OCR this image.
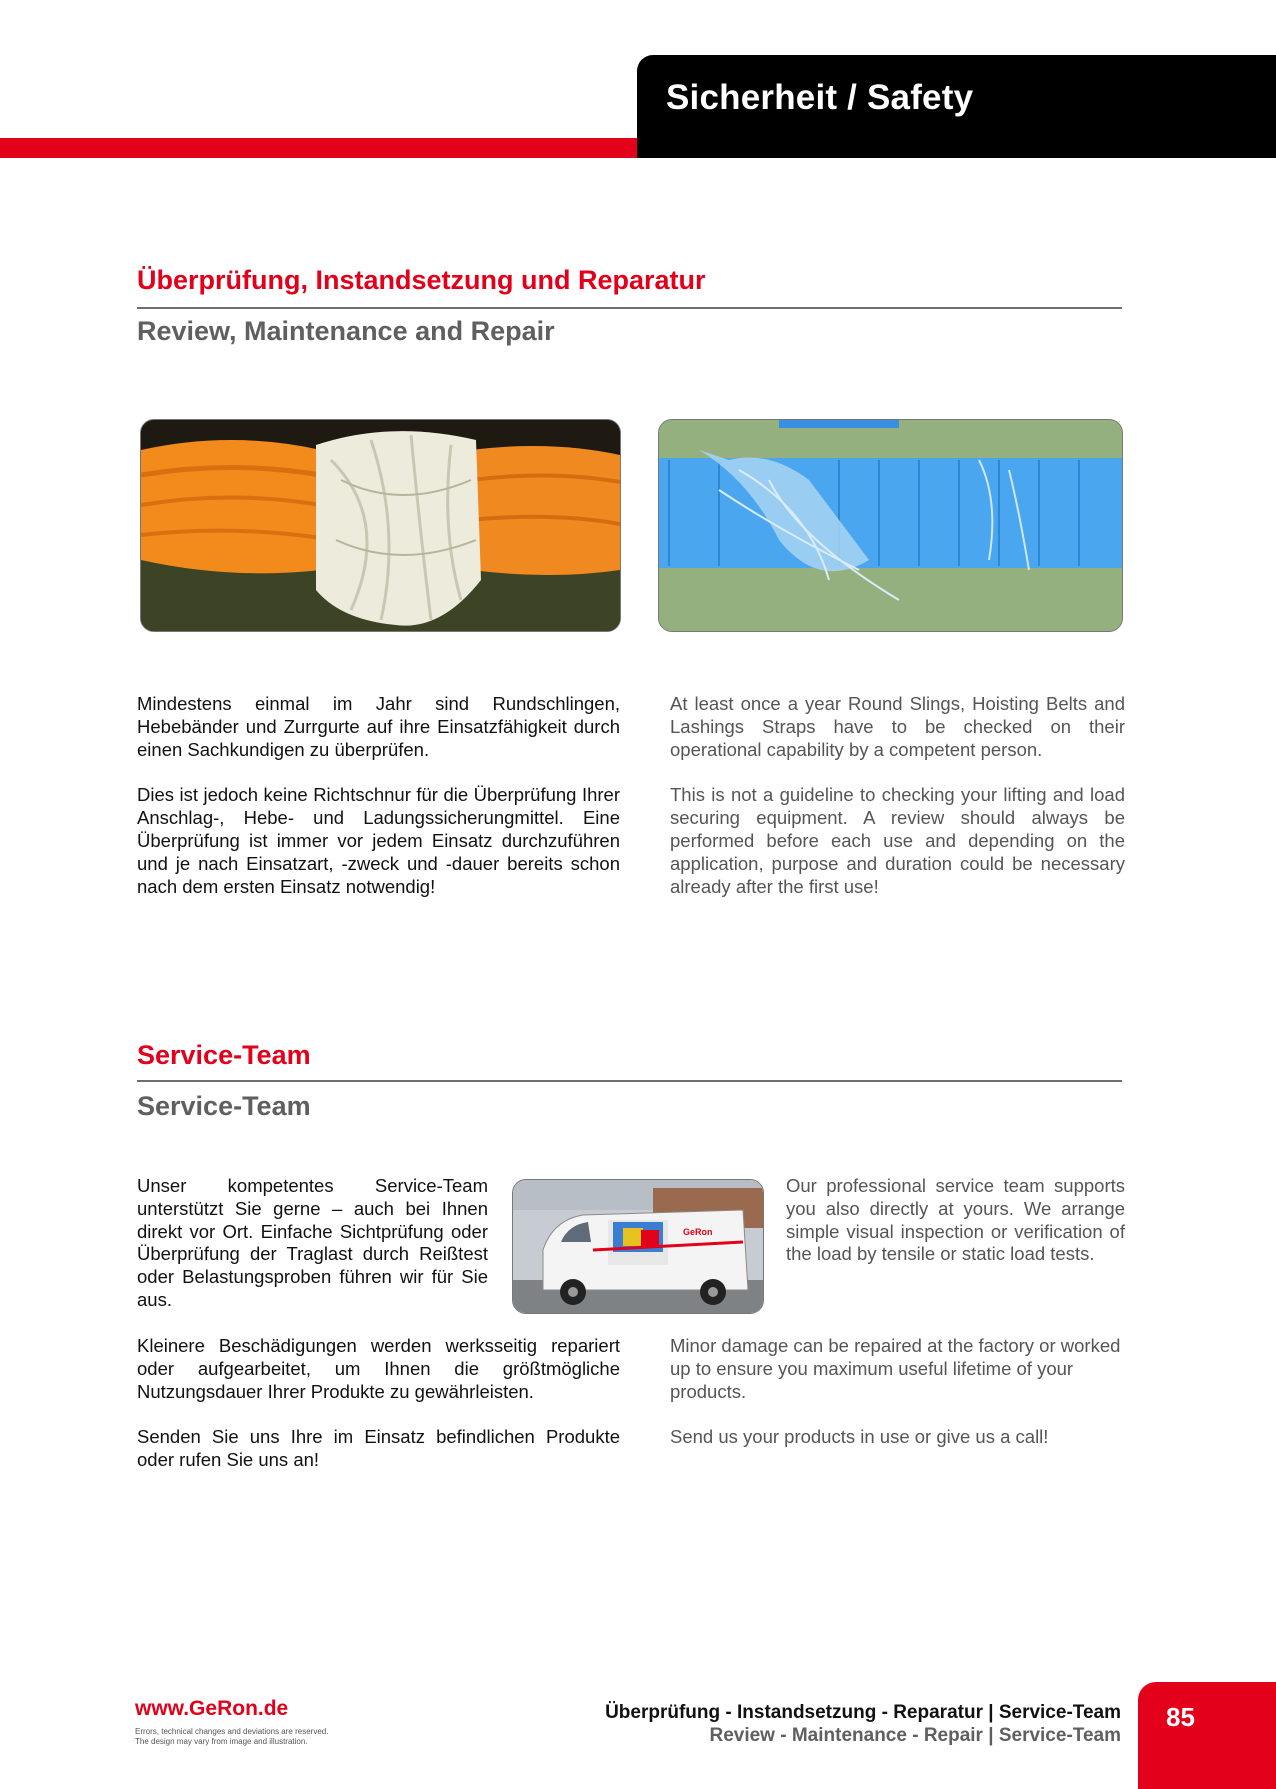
Sicherheit / Safety
Überprüfung, Instandsetzung und Reparatur
Review, Maintenance and Repair

Mindestens einmal im Jahr sind Rundschlingen, Hebebänder und Zurrgurte auf ihre Einsatzfähigkeit durch einen Sachkundigen zu überprüfen.

Dies ist jedoch keine Richtschnur für die Überprüfung Ihrer Anschlag-, Hebe- und Ladungssicherungmittel. Eine Überprüfung ist immer vor jedem Einsatz durchzuführen und je nach Einsatzart, -zweck und -dauer bereits schon nach dem ersten Einsatz notwendig!

At least once a year Round Slings, Hoisting Belts and Lashings Straps have to be checked on their operational capability by a competent person.

This is not a guideline to checking your lifting and load securing equipment. A review should always be performed before each use and depending on the application, purpose and duration could be necessary already after the first use!

Service-Team
Service-Team

Unser kompetentes Service-Team unterstützt Sie gerne – auch bei Ihnen direkt vor Ort. Einfache Sichtprüfung oder Überprüfung der Traglast durch Reißtest oder Belastungsproben führen wir für Sie aus.

GeRon

Our professional service team supports you also directly at yours. We arrange simple visual inspection or verification of the load by tensile or static load tests.

Kleinere Beschädigungen werden werksseitig repariert oder aufgearbeitet, um Ihnen die größtmögliche Nutzungsdauer Ihrer Produkte zu gewährleisten.

Senden Sie uns Ihre im Einsatz befindlichen Produkte oder rufen Sie uns an!

Minor damage can be repaired at the factory or worked up to ensure you maximum useful lifetime of your products.

Send us your products in use or give us a call!

www.GeRon.de
Errors, technical changes and deviations are reserved.
The design may vary from image and illustration.
Überprüfung - Instandsetzung - Reparatur | Service-Team
Review - Maintenance - Repair | Service-Team
85
